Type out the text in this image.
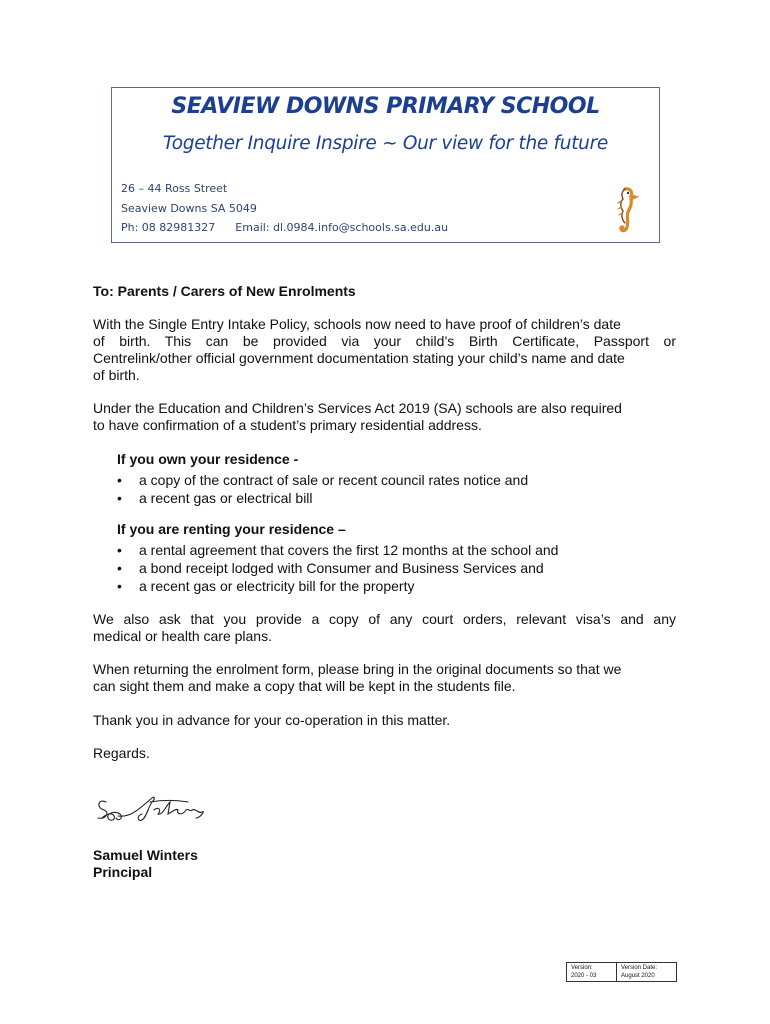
SEAVIEW DOWNS PRIMARY SCHOOL
Together Inquire Inspire ~ Our view for the future
26 – 44 Ross Street
Seaview Downs SA 5049
Ph: 08 82981327 Email: dl.0984.info@schools.sa.edu.au
To: Parents / Carers of New Enrolments
With the Single Entry Intake Policy, schools now need to have proof of children’s date
of birth. This can be provided via your child’s Birth Certificate, Passport or
Centrelink/other official government documentation stating your child’s name and date
of birth.
Under the Education and Children’s Services Act 2019 (SA) schools are also required
to have confirmation of a student’s primary residential address.
If you own your residence -
• a copy of the contract of sale or recent council rates notice and
• a recent gas or electrical bill
If you are renting your residence –
• a rental agreement that covers the first 12 months at the school and
• a bond receipt lodged with Consumer and Business Services and
• a recent gas or electricity bill for the property
We also ask that you provide a copy of any court orders, relevant visa’s and any
medical or health care plans.
When returning the enrolment form, please bring in the original documents so that we
can sight them and make a copy that will be kept in the students file.
Thank you in advance for your co-operation in this matter.
Regards.
Samuel Winters
Principal
Version:
2020 - 03

Version Date:
August 2020
